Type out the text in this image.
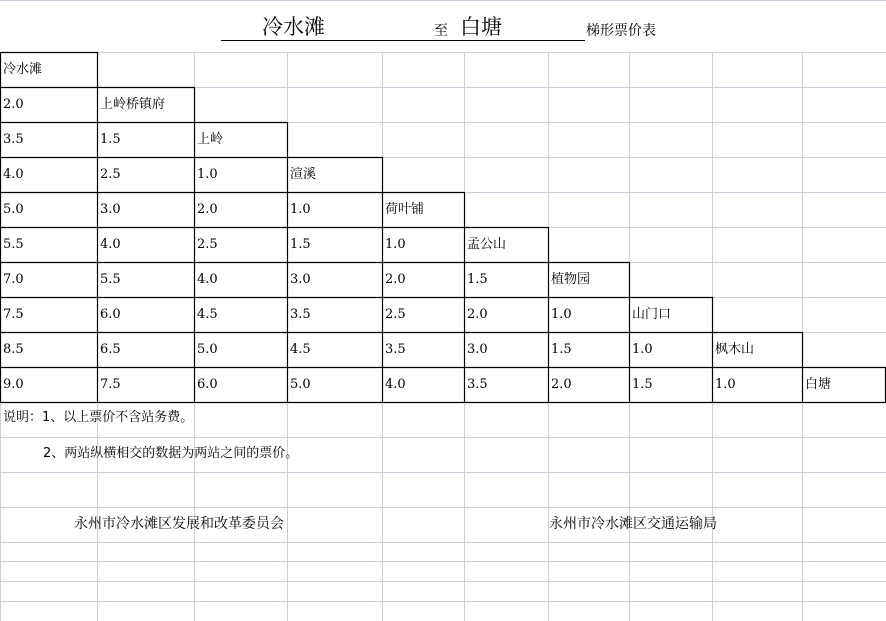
冷水滩	至 白塘	梯形票价表
冷水滩
2.0	上岭桥镇府
3.5	1.5	上岭
4.0	2.5	1.0	渲溪
5.0	3.0	2.0	1.0	荷叶铺
5.5	4.0	2.5	1.5	1.0	孟公山
7.0	5.5	4.0	3.0	2.0	1.5	植物园
7.5	6.0	4.5	3.5	2.5	2.0	1.0	山门口
8.5	6.5	5.0	4.5	3.5	3.0	1.5	1.0	枫木山
9.0	7.5	6.0	5.0	4.0	3.5	2.0	1.5	1.0	白塘
说明：1、以上票价不含站务费。
2、两站纵横相交的数据为两站之间的票价。
永州市冷水滩区发展和改革委员会	永州市冷水滩区交通运输局
